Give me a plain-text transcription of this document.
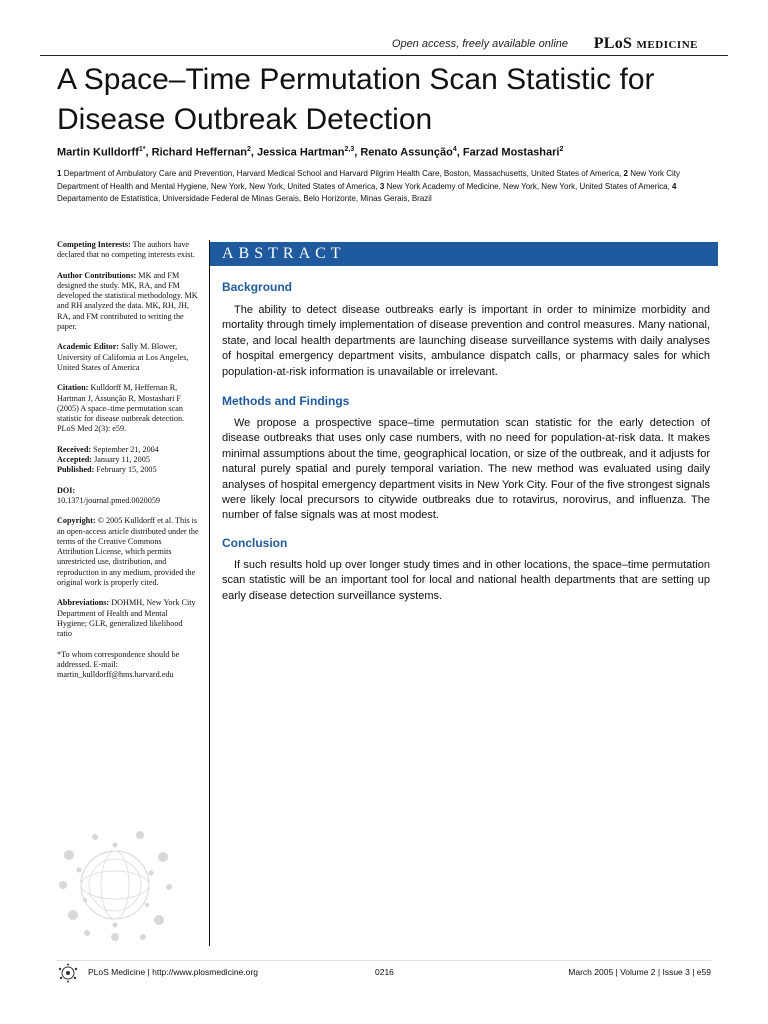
Open access, freely available online PLoS MEDICINE
A Space–Time Permutation Scan Statistic for Disease Outbreak Detection
Martin Kulldorff$^{1*}$, Richard Heffernan$^2$, Jessica Hartman$^{2,3}$, Renato Assunção$^4$, Farzad Mostashari$^2$
1 Department of Ambulatory Care and Prevention, Harvard Medical School and Harvard Pilgrim Health Care, Boston, Massachusetts, United States of America, 2 New York City Department of Health and Mental Hygiene, New York, New York, United States of America, 3 New York Academy of Medicine, New York, New York, United States of America, 4 Departamento de Estatística, Universidade Federal de Minas Gerais, Belo Horizonte, Minas Gerais, Brazil
Competing Interests: The authors have declared that no competing interests exist.
Author Contributions: MK and FM designed the study. MK, RA, and FM developed the statistical methodology. MK and RH analyzed the data. MK, RH, JH, RA, and FM contributed to writing the paper.
Academic Editor: Sally M. Blower, University of California at Los Angeles, United States of America
Citation: Kulldorff M, Heffernan R, Hartman J, Assunção R, Mostashari F (2005) A space–time permutation scan statistic for disease outbreak detection. PLoS Med 2(3): e59.
Received: September 21, 2004
Accepted: January 11, 2005
Published: February 15, 2005
DOI:
10.1371/journal.pmed.0020059
Copyright: © 2005 Kulldorff et al. This is an open-access article distributed under the terms of the Creative Commons Attribution License, which permits unrestricted use, distribution, and reproduction in any medium, provided the original work is properly cited.
Abbreviations: DOHMH, New York City Department of Health and Mental Hygiene; GLR, generalized likelihood ratio
*To whom correspondence should be addressed. E-mail: martin_kulldorff@hms.harvard.edu
ABSTRACT
Background

The ability to detect disease outbreaks early is important in order to minimize morbidity and mortality through timely implementation of disease prevention and control measures. Many national, state, and local health departments are launching disease surveillance systems with daily analyses of hospital emergency department visits, ambulance dispatch calls, or pharmacy sales for which population-at-risk information is unavailable or irrelevant.

Methods and Findings

We propose a prospective space–time permutation scan statistic for the early detection of disease outbreaks that uses only case numbers, with no need for population-at-risk data. It makes minimal assumptions about the time, geographical location, or size of the outbreak, and it adjusts for natural purely spatial and purely temporal variation. The new method was evaluated using daily analyses of hospital emergency department visits in New York City. Four of the five strongest signals were likely local precursors to citywide outbreaks due to rotavirus, norovirus, and influenza. The number of false signals was at most modest.

Conclusion

If such results hold up over longer study times and in other locations, the space–time permutation scan statistic will be an important tool for local and national health departments that are setting up early disease detection surveillance systems.

PLoS Medicine | http://www.plosmedicine.org	0216	March 2005 | Volume 2 | Issue 3 | e59
